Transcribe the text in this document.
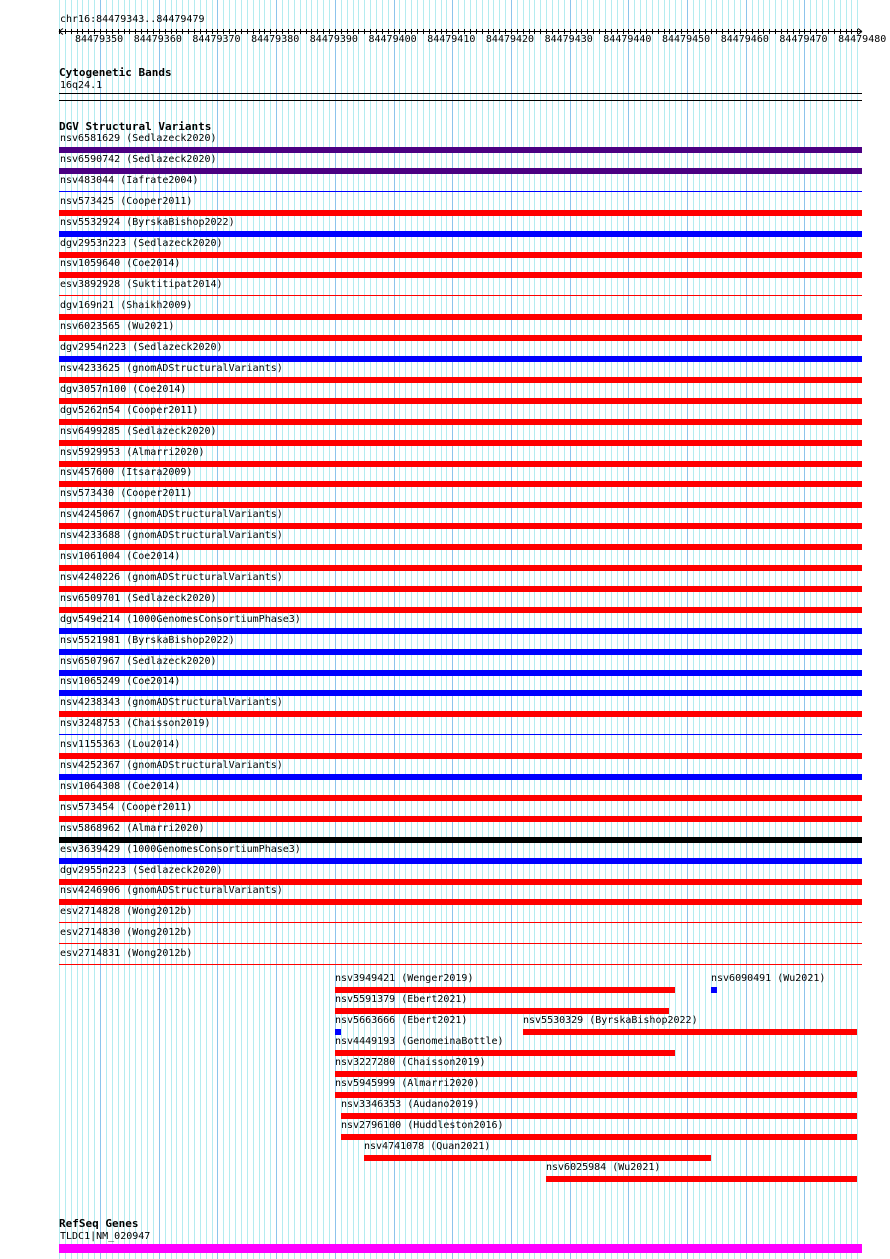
chr16:84479343..84479479
84479350 84479360 84479370 84479380 84479390 84479400 84479410 84479420 84479430 84479440 84479450 84479460 84479470 84479480
Cytogenetic Bands
16q24.1
DGV Structural Variants
nsv6581629 (Sedlazeck2020)
nsv6590742 (Sedlazeck2020)
nsv483044 (Iafrate2004)
nsv573425 (Cooper2011)
nsv5532924 (ByrskaBishop2022)
dgv2953n223 (Sedlazeck2020)
nsv1059640 (Coe2014)
esv3892928 (Suktitipat2014)
dgv169n21 (Shaikh2009)
nsv6023565 (Wu2021)
dgv2954n223 (Sedlazeck2020)
nsv4233625 (gnomADStructuralVariants)
dgv3057n100 (Coe2014)
dgv5262n54 (Cooper2011)
nsv6499285 (Sedlazeck2020)
nsv5929953 (Almarri2020)
nsv457600 (Itsara2009)
nsv573430 (Cooper2011)
nsv4245067 (gnomADStructuralVariants)
nsv4233688 (gnomADStructuralVariants)
nsv1061004 (Coe2014)
nsv4240226 (gnomADStructuralVariants)
nsv6509701 (Sedlazeck2020)
dgv549e214 (1000GenomesConsortiumPhase3)
nsv5521981 (ByrskaBishop2022)
nsv6507967 (Sedlazeck2020)
nsv1065249 (Coe2014)
nsv4238343 (gnomADStructuralVariants)
nsv3248753 (Chaisson2019)
nsv1155363 (Lou2014)
nsv4252367 (gnomADStructuralVariants)
nsv1064308 (Coe2014)
nsv573454 (Cooper2011)
nsv5868962 (Almarri2020)
esv3639429 (1000GenomesConsortiumPhase3)
dgv2955n223 (Sedlazeck2020)
nsv4246906 (gnomADStructuralVariants)
esv2714828 (Wong2012b)
esv2714830 (Wong2012b)
esv2714831 (Wong2012b)
nsv3949421 (Wenger2019)	nsv6090491 (Wu2021)
nsv5591379 (Ebert2021)
nsv5663666 (Ebert2021)	nsv5530329 (ByrskaBishop2022)
nsv4449193 (GenomeinaBottle)
nsv3227280 (Chaisson2019)
nsv5945999 (Almarri2020)
nsv3346353 (Audano2019)
nsv2796100 (Huddleston2016)
nsv4741078 (Quan2021)
nsv6025984 (Wu2021)
RefSeq Genes
TLDC1|NM_020947
